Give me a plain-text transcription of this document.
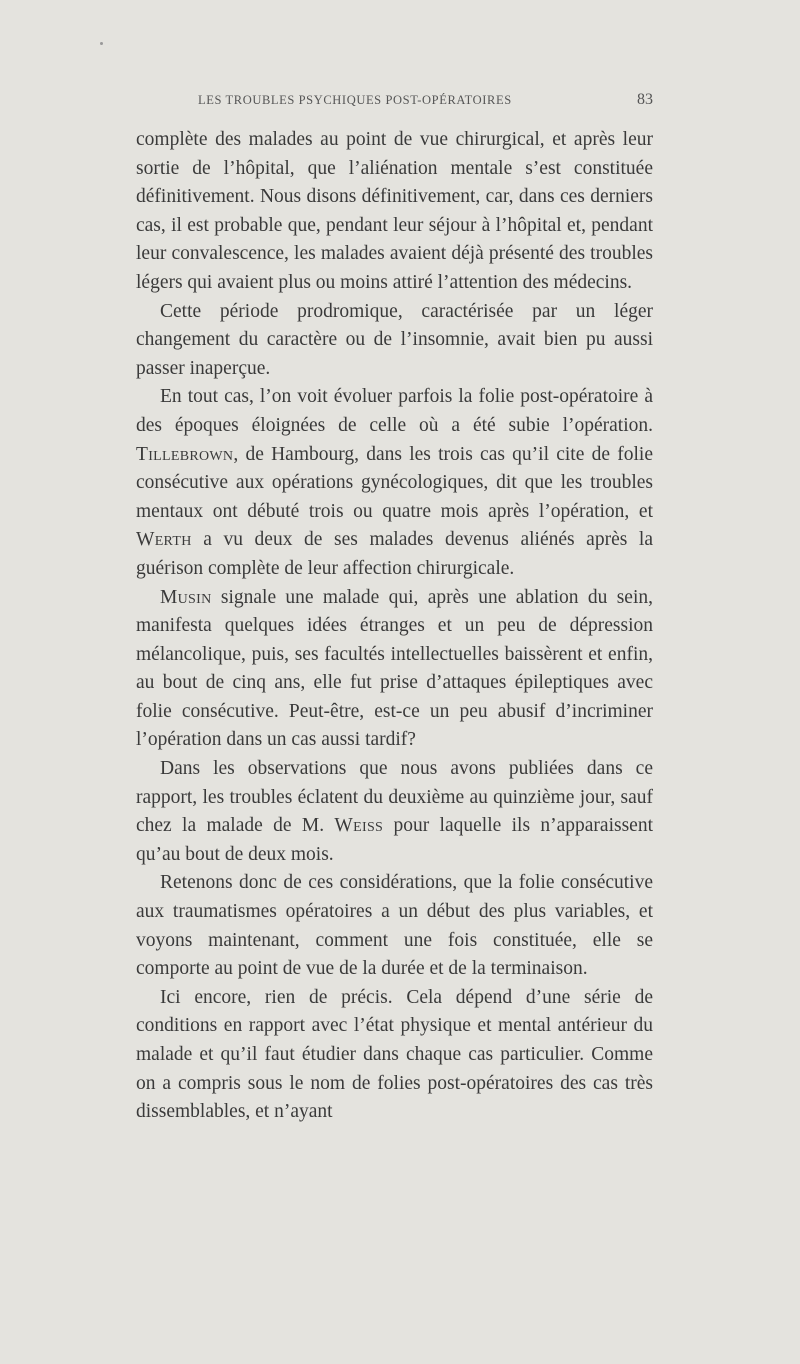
LES TROUBLES PSYCHIQUES POST-OPÉRATOIRES	83

complète des malades au point de vue chirurgical, et après leur sortie de l’hôpital, que l’aliénation mentale s’est constituée définitivement. Nous disons définitivement, car, dans ces derniers cas, il est probable que, pendant leur séjour à l’hôpital et, pendant leur convalescence, les malades avaient déjà présenté des troubles légers qui avaient plus ou moins attiré l’attention des médecins.

Cette période prodromique, caractérisée par un léger changement du caractère ou de l’insomnie, avait bien pu aussi passer inaperçue.

En tout cas, l’on voit évoluer parfois la folie post-opératoire à des époques éloignées de celle où a été subie l’opération. Tillebrown, de Hambourg, dans les trois cas qu’il cite de folie consécutive aux opérations gynécologiques, dit que les troubles mentaux ont débuté trois ou quatre mois après l’opération, et Werth a vu deux de ses malades devenus aliénés après la guérison complète de leur affection chirurgicale.

Musin signale une malade qui, après une ablation du sein, manifesta quelques idées étranges et un peu de dépression mélancolique, puis, ses facultés intellectuelles baissèrent et enfin, au bout de cinq ans, elle fut prise d’attaques épileptiques avec folie consécutive. Peut-être, est-ce un peu abusif d’incriminer l’opération dans un cas aussi tardif?

Dans les observations que nous avons publiées dans ce rapport, les troubles éclatent du deuxième au quinzième jour, sauf chez la malade de M. Weiss pour laquelle ils n’apparaissent qu’au bout de deux mois.

Retenons donc de ces considérations, que la folie consécutive aux traumatismes opératoires a un début des plus variables, et voyons maintenant, comment une fois constituée, elle se comporte au point de vue de la durée et de la terminaison.

Ici encore, rien de précis. Cela dépend d’une série de conditions en rapport avec l’état physique et mental antérieur du malade et qu’il faut étudier dans chaque cas particulier. Comme on a compris sous le nom de folies post-opératoires des cas très dissemblables, et n’ayant
